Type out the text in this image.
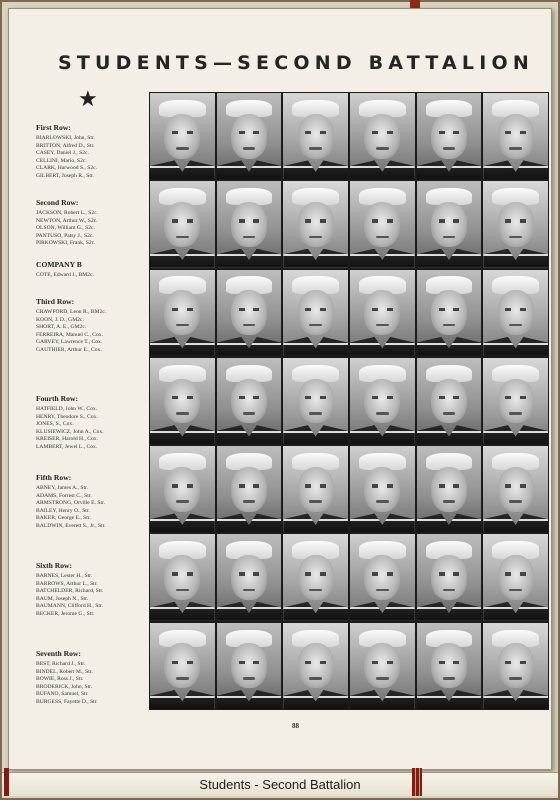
STUDENTS—SECOND BATTALION
★
First Row:
BIARLOWSKI, John, Str.
BRITTON, Alfred D., Str.
CASEY, Daniel J., S2c.
CELLINI, Mario, S2c.
CLARK, Harwood S., S2c.
GILBERT, Joseph R., Str.
Second Row:
JACKSON, Robert L., S2c.
NEWTON, Arthur W., S2c.
OLSON, William G., S2c.
PANTUSO, Patsy J., S2c.
PIRKOWSKI, Frank, S2c.
COMPANY B
COTE, Edward J., BM2c.
Third Row:
CRAWFORD, Leon R., BM2c.
KOON, J. D., GM2c.
SHORT, A. E., GM2c.
FERREIRA, Manuel C., Cox.
GARVEY, Lawrence T., Cox.
GAUTHIER, Arthur E., Cox.
Fourth Row:
HATFIELD, John W., Cox.
HENRY, Theodore S., Cox.
JONES, S., Cox.
KLUSIEWICZ, John A., Cox.
KREISER, Harold H., Cox.
LAMBERT, Jewel L., Cox.
Fifth Row:
ABNEY, James A., Str.
ADAMS, Forrest C., Str.
ARMSTRONG, Orville E. Str.
BAILEY, Henry O., Str.
BAKER, George E., Str.
BALDWIN, Everett S., Jr., Str.
Sixth Row:
BARNES, Lester H., Str.
BARROWS, Arthur L., Str.
BATCHELDER, Richard, Str.
BAUM, Joseph N., Str.
BAUMANN, Clifford H., Str.
BECKER, Jerome G., Str.
Seventh Row:
BEST, Richard J., Str.
BINDEL, Robert M., Str.
BOWIE, Ross J., Str.
BRODERICK, John, Str.
BUFANO, Samuel, Str.
BURGESS, Fayette D., Str.
88
Students - Second Battalion
